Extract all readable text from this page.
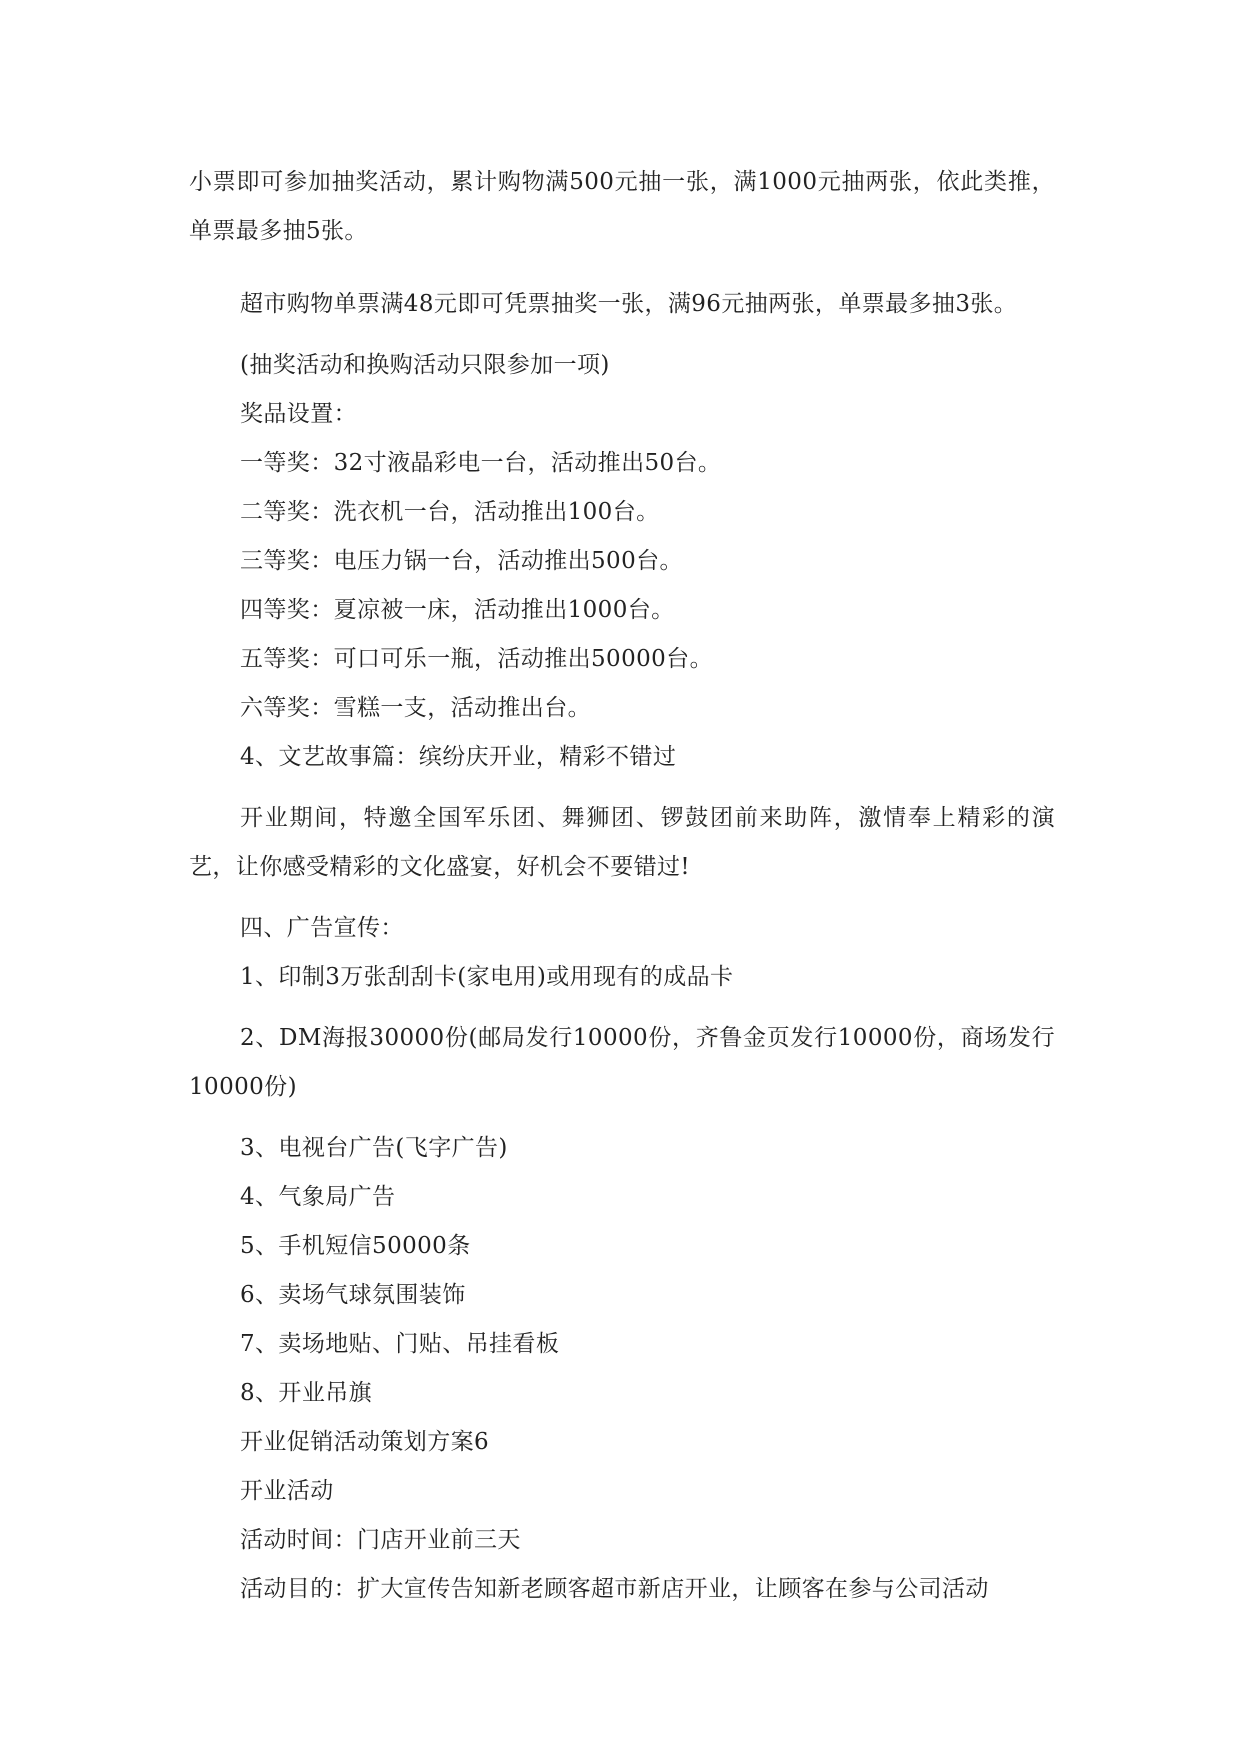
小票即可参加抽奖活动，累计购物满500元抽一张，满1000元抽两张，依此类推，单票最多抽5张。

超市购物单票满48元即可凭票抽奖一张，满96元抽两张，单票最多抽3张。

(抽奖活动和换购活动只限参加一项)

奖品设置：

一等奖：32寸液晶彩电一台，活动推出50台。

二等奖：洗衣机一台，活动推出100台。

三等奖：电压力锅一台，活动推出500台。

四等奖：夏凉被一床，活动推出1000台。

五等奖：可口可乐一瓶，活动推出50000台。

六等奖：雪糕一支，活动推出台。

4、文艺故事篇：缤纷庆开业，精彩不错过

开业期间，特邀全国军乐团、舞狮团、锣鼓团前来助阵，激情奉上精彩的演艺，让你感受精彩的文化盛宴，好机会不要错过!

四、广告宣传：

1、印制3万张刮刮卡(家电用)或用现有的成品卡

2、DM海报30000份(邮局发行10000份，齐鲁金页发行10000份，商场发行10000份)

3、电视台广告(飞字广告)

4、气象局广告

5、手机短信50000条

6、卖场气球氛围装饰

7、卖场地贴、门贴、吊挂看板

8、开业吊旗

开业促销活动策划方案6

开业活动

活动时间：门店开业前三天

活动目的：扩大宣传告知新老顾客超市新店开业，让顾客在参与公司活动
